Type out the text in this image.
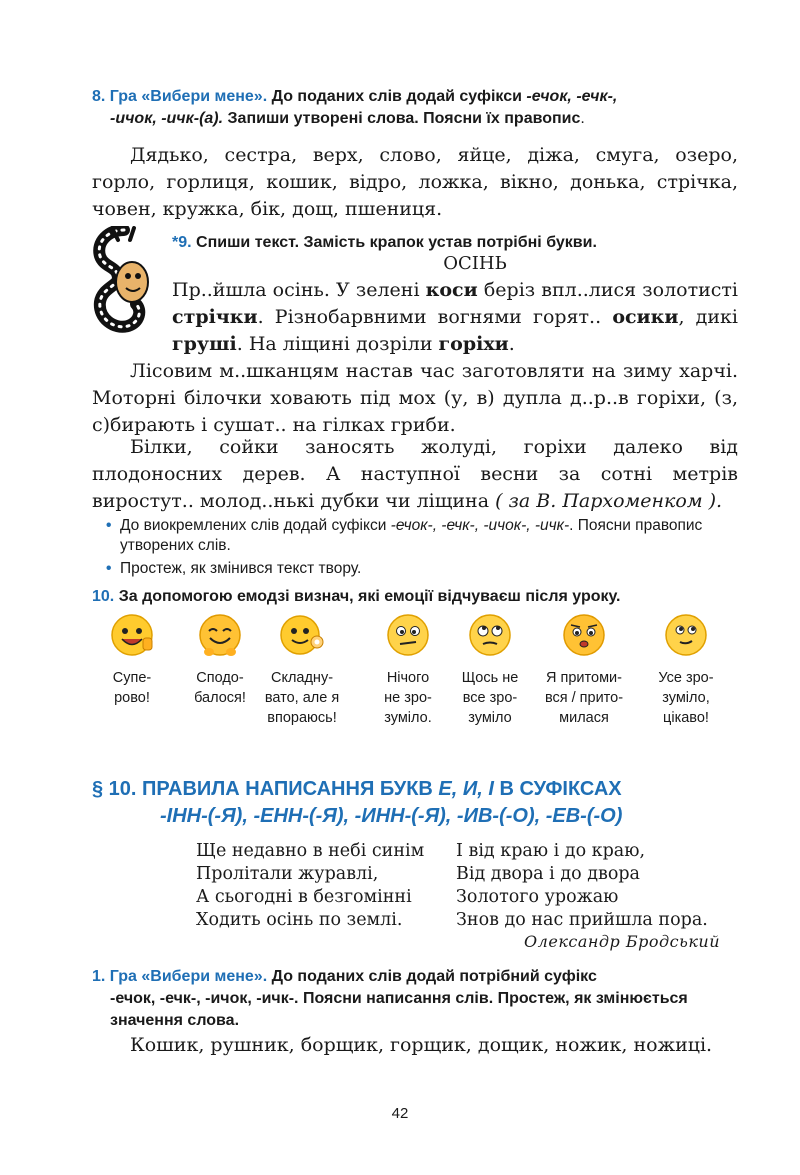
8. Гра «Вибери мене». До поданих слів додай суфікси -ечок, -ечк-,
-ичок, -ичк-(а). Запиши утворені слова. Поясни їх правопис.
Дядько, сестра, верх, слово, яйце, діжа, смуга, озеро, горло, горлиця, кошик, відро, ложка, вікно, донька, стрічка, човен, кружка, бік, дощ, пшениця.
*9. Спиши текст. Замість крапок устав потрібні букви.
ОСІНЬ
Пр..йшла осінь. У зелені коси беріз впл..лися золотисті стрічки. Різнобарвними вогнями горят.. осики, дикі груші. На ліщині дозріли горіхи.
Лісовим м..шканцям настав час заготовляти на зиму харчі. Моторні білочки ховають під мох (у, в) дупла д..р..в горіхи, (з, с)бирають і сушат.. на гілках гриби.
Білки, сойки заносять жолуді, горіхи далеко від плодоносних дерев. А наступної весни за сотні метрів виростут.. молод..нькі дубки чи ліщина ( за В. Пархоменком ).
• До виокремлених слів додай суфікси -ечок-, -ечк-, -ичок-, -ичк-. Поясни правопис утворених слів.
• Простеж, як змінився текст твору.
10. За допомогою емодзі визнач, які емоції відчуваєш після уроку.
Супе-
рово!
Сподо-
балося!
Складну-
вато, але я
впораюсь!
Нічого
не зро-
зуміло.
Щось не
все зро-
зуміло
Я притоми-
вся / прито-
милася
Усе зро-
зуміло,
цікаво!
§ 10. ПРАВИЛА НАПИСАННЯ БУКВ Е, И, І В СУФІКСАХ
-ІНН-(-Я), -ЕНН-(-Я), -ИНН-(-Я), -ИВ-(-О), -ЕВ-(-О)
Ще недавно в небі синім
Пролітали журавлі,
А сьогодні в безгомінні
Ходить осінь по землі.
І від краю і до краю,
Від двора і до двора
Золотого урожаю
Знов до нас прийшла пора.
Олександр Бродський
1. Гра «Вибери мене». До поданих слів додай потрібний суфікс
-ечок, -ечк-, -ичок, -ичк-. Поясни написання слів. Простеж, як змінюється значення слова.
Кошик, рушник, борщик, горщик, дощик, ножик, ножиці.
42
